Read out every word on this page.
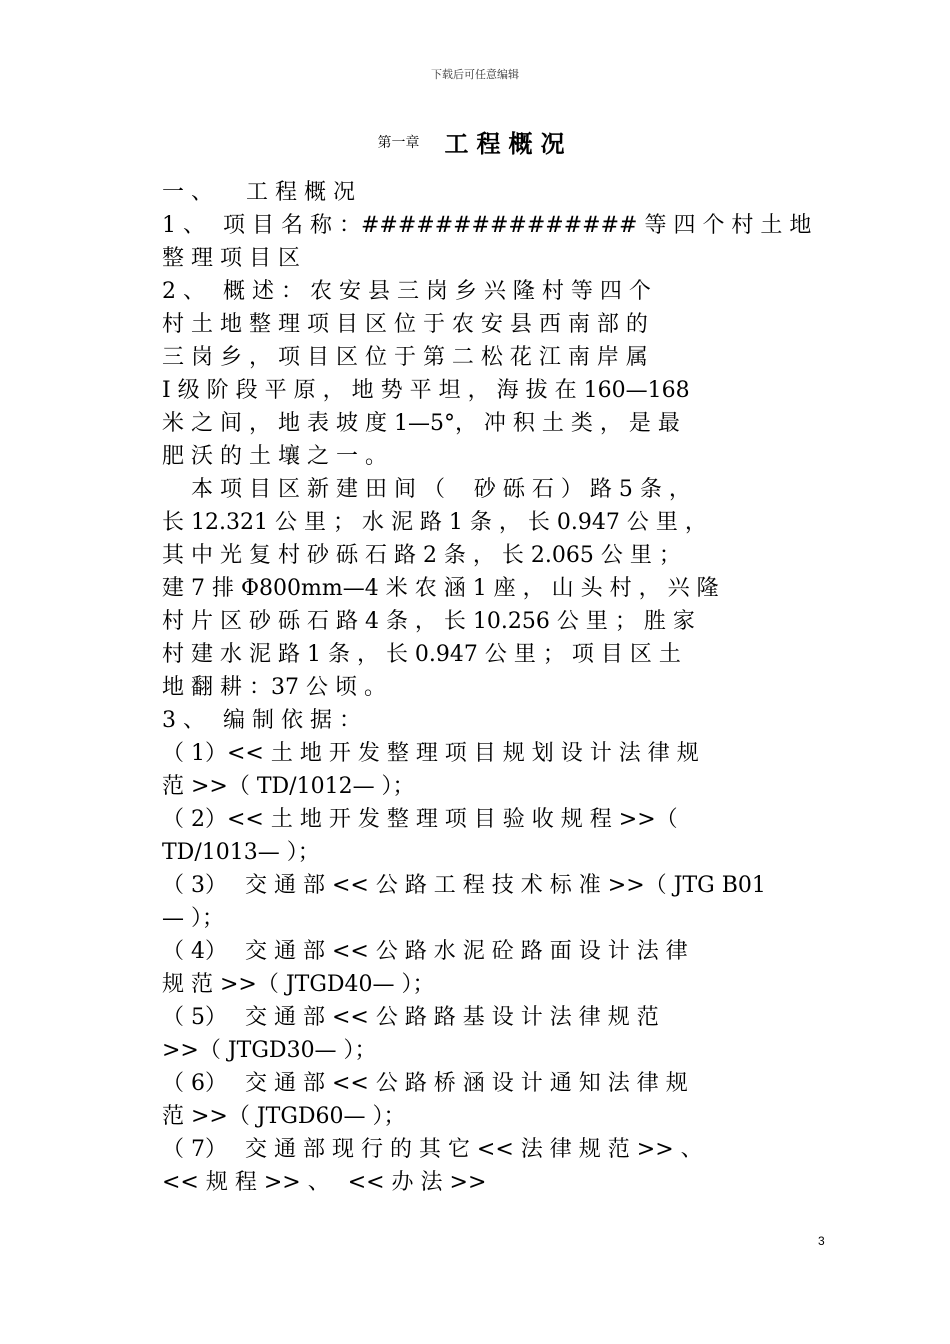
下载后可任意编辑
第一章 工程概况
一 、　　工 程 概 况
1 、　 项 目 名 称 ：############### 等 四 个 村 土 地
整 理 项 目 区
2 、　 概 述 ： 农 安 县 三 岗 乡 兴 隆 村 等 四 个
村 土 地 整 理 项 目 区 位 于 农 安 县 西 南 部 的
三 岗 乡 ， 项 目 区 位 于 第 二 松 花 江 南 岸 属
Ⅰ 级 阶 段 平 原 ， 地 势 平 坦 ， 海 拔 在 160—168
米 之 间 ， 地 表 坡 度 1—5°， 冲 积 土 类 ， 是 最
肥 沃 的 土 壤 之 一 。
　 本 项 目 区 新 建 田 间 （　 砂 砾 石 ） 路 5 条 ，
长 12.321 公 里 ； 水 泥 路 1 条 ， 长 0.947 公 里 ，
其 中 光 复 村 砂 砾 石 路 2 条 ， 长 2.065 公 里 ；
建 7 排 Φ800mm—4 米 农 涵 1 座 ， 山 头 村 ， 兴 隆
村 片 区 砂 砾 石 路 4 条 ， 长 10.256 公 里 ； 胜 家
村 建 水 泥 路 1 条 ， 长 0.947 公 里 ； 项 目 区 土
地 翻 耕 ：37 公 顷 。
3 、　 编 制 依 据 ：
（ 1）<< 土 地 开 发 整 理 项 目 规 划 设 计 法 律 规
范 >>（ TD/1012— ）；
（ 2）<< 土 地 开 发 整 理 项 目 验 收 规 程 >>（
TD/1013— ）；
（ 3）　 交 通 部 << 公 路 工 程 技 术 标 准 >>（ JTG B01
— ）；
（ 4）　 交 通 部 << 公 路 水 泥 砼 路 面 设 计 法 律
规 范 >>（ JTGD40— ）；
（ 5）　 交 通 部 << 公 路 路 基 设 计 法 律 规 范
>>（ JTGD30— ）；
（ 6）　 交 通 部 << 公 路 桥 涵 设 计 通 知 法 律 规
范 >>（ JTGD60— ）；
（ 7）　 交 通 部 现 行 的 其 它 << 法 律 规 范 >> 、
<< 规 程 >> 、　 << 办 法 >>
3
